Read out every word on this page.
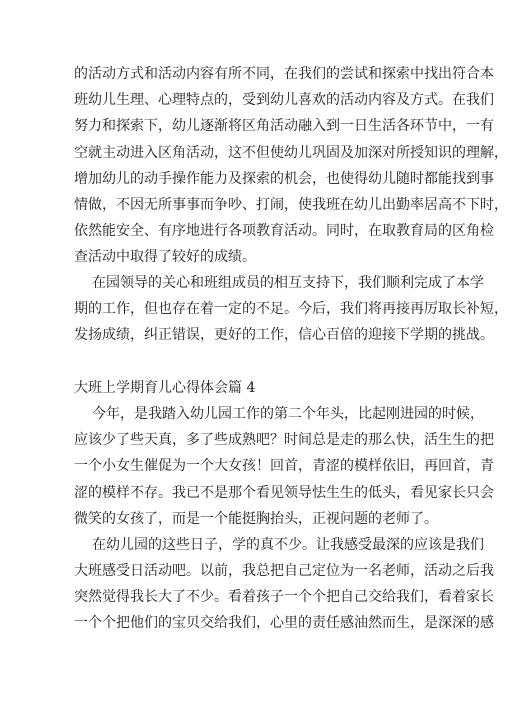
的活动方式和活动内容有所不同，在我们的尝试和探索中找出符合本
班幼儿生理、心理特点的，受到幼儿喜欢的活动内容及方式。在我们
努力和探索下，幼儿逐渐将区角活动融入到一日生活各环节中，一有
空就主动进入区角活动，这不但使幼儿巩固及加深对所授知识的理解，
增加幼儿的动手操作能力及探索的机会，也使得幼儿随时都能找到事
情做，不因无所事事而争吵、打闹，使我班在幼儿出勤率居高不下时，
依然能安全、有序地进行各项教育活动。同时，在取教育局的区角检
查活动中取得了较好的成绩。
在园领导的关心和班组成员的相互支持下，我们顺利完成了本学
期的工作，但也存在着一定的不足。今后，我们将再接再厉取长补短，
发扬成绩，纠正错误，更好的工作，信心百倍的迎接下学期的挑战。
大班上学期育儿心得体会篇 4
今年，是我踏入幼儿园工作的第二个年头，比起刚进园的时候，
应该少了些天真，多了些成熟吧？时间总是走的那么快，活生生的把
一个小女生催促为一个大女孩！回首，青涩的模样依旧，再回首，青
涩的模样不存。我已不是那个看见领导怯生生的低头，看见家长只会
微笑的女孩了，而是一个能挺胸抬头，正视问题的老师了。
在幼儿园的这些日子，学的真不少。让我感受最深的应该是我们
大班感受日活动吧。以前，我总把自己定位为一名老师，活动之后我
突然觉得我长大了不少。看着孩子一个个把自己交给我们，看着家长
一个个把他们的宝贝交给我们，心里的责任感油然而生，是深深的感
